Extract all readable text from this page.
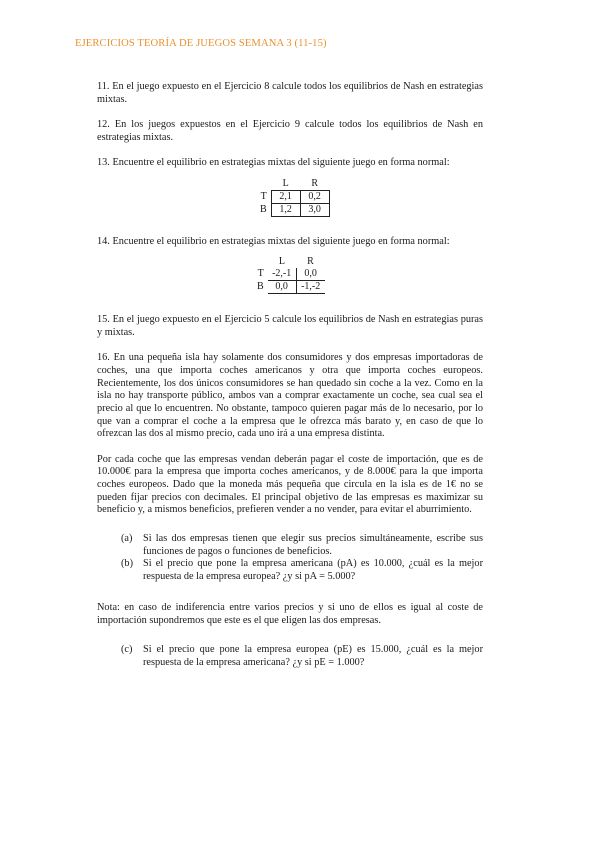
EJERCICIOS TEORÍA DE JUEGOS SEMANA 3 (11-15)

11. En el juego expuesto en el Ejercicio 8 calcule todos los equilibrios de Nash en estrategias mixtas.

12. En los juegos expuestos en el Ejercicio 9 calcule todos los equilibrios de Nash en estrategias mixtas.

13. Encuentre el equilibrio en estrategias mixtas del siguiente juego en forma normal:

	L	R
T	2,1	0,2
B	1,2	3,0

14. Encuentre el equilibrio en estrategias mixtas del siguiente juego en forma normal:

	L	R
T	-2,-1	0,0
B	0,0	-1,-2

15. En el juego expuesto en el Ejercicio 5 calcule los equilibrios de Nash en estrategias puras y mixtas.

16. En una pequeña isla hay solamente dos consumidores y dos empresas importadoras de coches, una que importa coches americanos y otra que importa coches europeos. Recientemente, los dos únicos consumidores se han quedado sin coche a la vez. Como en la isla no hay transporte público, ambos van a comprar exactamente un coche, sea cual sea el precio al que lo encuentren. No obstante, tampoco quieren pagar más de lo necesario, por lo que van a comprar el coche a la empresa que le ofrezca más barato y, en caso de que lo ofrezcan las dos al mismo precio, cada uno irá a una empresa distinta.

Por cada coche que las empresas vendan deberán pagar el coste de importación, que es de 10.000€ para la empresa que importa coches americanos, y de 8.000€ para la que importa coches europeos. Dado que la moneda más pequeña que circula en la isla es de 1€ no se pueden fijar precios con decimales. El principal objetivo de las empresas es maximizar su beneficio y, a mismos beneficios, prefieren vender a no vender, para evitar el aburrimiento.

(a)	Si las dos empresas tienen que elegir sus precios simultáneamente, escribe sus funciones de pagos o funciones de beneficios.
(b) Si el precio que pone la empresa americana (pA) es 10.000, ¿cuál es la mejor respuesta de la empresa europea? ¿y si pA = 5.000?

Nota: en caso de indiferencia entre varios precios y si uno de ellos es igual al coste de importación supondremos que este es el que eligen las dos empresas.

(c)	Si el precio que pone la empresa europea (pE) es 15.000, ¿cuál es la mejor respuesta de la empresa americana? ¿y si pE = 1.000?
